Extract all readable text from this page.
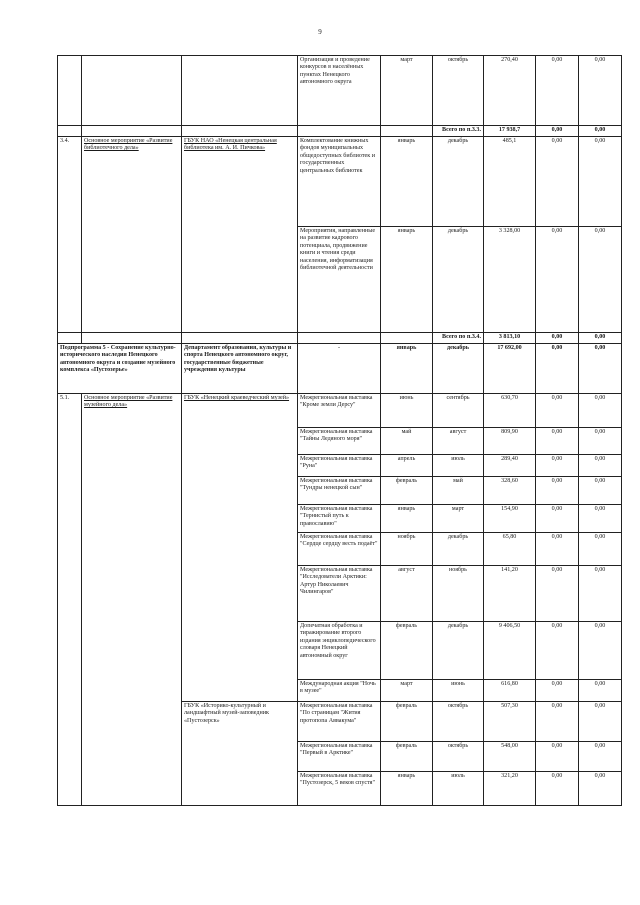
9
			Организация и проведение конкурсов в населённых пунктах Ненецкого автономного округа	март	октябрь	270,40	0,00	0,00
					Всего по п.3.3.	17 938,7	0,00	0,00
3.4.	Основное мероприятие «Развитие библиотечного дела»	ГБУК НАО «Ненецкая центральная библиотека им. А. И. Пичкова»	Комплектование книжных фондов муниципальных общедоступных библиотек и государственных центральных библиотек	январь	декабрь	485,1	0,00	0,00
			Мероприятия, направленные на развитие кадрового потенциала, продвижение книги и чтения среди населения, информатизация библиотечной деятельности	январь	декабрь	3 328,00	0,00	0,00
					Всего по п.3.4.	3 813,10	0,00	0,00
Подпрограмма 5 - Сохранение культурно-исторического наследия Ненецкого автономного округа и создание музейного комплекса «Пустозерье»		Департамент образования, культуры и спорта Ненецкого автономного округ, государственные бюджетные учреждения культуры	-	январь	декабрь	17 692,00	0,00	0,00
5.1.	Основное мероприятие «Развитие музейного дела»	ГБУК «Ненецкий краеведческий музей»	Межрегиональная выставка "Кроме земли Дерсу"	июнь	сентябрь	630,70	0,00	0,00
			Межрегиональная выставка "Тайны Ледяного моря"	май	август	809,90	0,00	0,00
			Межрегиональная выставка "Руна"	апрель	июль	289,40	0,00	0,00
			Межрегиональная выставка "Тундры ненецкой сын"	февраль	май	328,60	0,00	0,00
			Межрегиональная выставка "Тернистый путь к православию"	январь	март	154,90	0,00	0,00
			Межрегиональная выставка "Сердце сердцу весть подаёт"	ноябрь	декабрь	65,80	0,00	0,00
			Межрегиональная выставка "Исследователи Арктики: Артур Николаевич Чилингаров"	август	ноябрь	141,20	0,00	0,00
			Допечатная обработка и тиражирование второго издания энциклопедического словаря Ненецкий автономный округ	февраль	декабрь	9 406,50	0,00	0,00
			Международная акция "Ночь в музее"	март	июнь	616,80	0,00	0,00
		ГБУК «Историко-культурный и ландшафтный музей-заповедник «Пустозерск»	Межрегиональная выставка "По страницам "Жития протопопа Аввакума"	февраль	октябрь	507,30	0,00	0,00
			Межрегиональная выставка "Первый в Арктике"	февраль	октябрь	548,00	0,00	0,00
			Межрегиональная выставка "Пустозерск, 5 веков спустя"	январь	июль	321,20	0,00	0,00
